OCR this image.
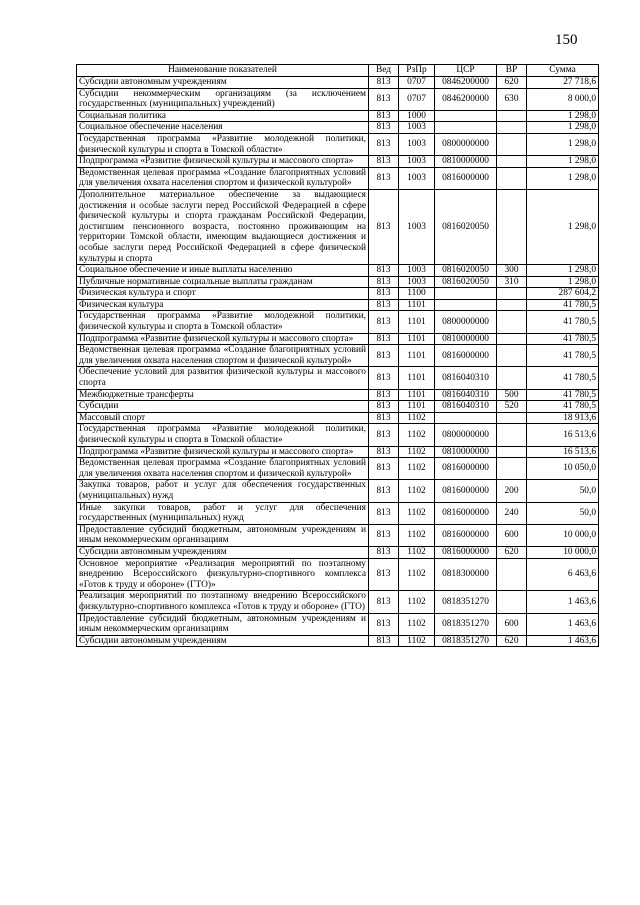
150
Наименование показателей	Вед	РзПр	ЦСР	ВР	Сумма
Субсидии автономным учреждениям	813	0707	0846200000	620	27 718,6
Субсидии некоммерческим организациям (за исключением государственных (муниципальных) учреждений)	813	0707	0846200000	630	8 000,0
Социальная политика	813	1000			1 298,0
Социальное обеспечение населения	813	1003			1 298,0
Государственная программа «Развитие молодежной политики, физической культуры и спорта в Томской области»	813	1003	0800000000		1 298,0
Подпрограмма «Развитие физической культуры и массового спорта»	813	1003	0810000000		1 298,0
Ведомственная целевая программа «Создание благоприятных условий для увеличения охвата населения спортом и физической культурой»	813	1003	0816000000		1 298,0
Дополнительное материальное обеспечение за выдающиеся достижения и особые заслуги перед Российской Федерацией в сфере физической культуры и спорта гражданам Российской Федерации, достигшим пенсионного возраста, постоянно проживающим на территории Томской области, имеющим выдающиеся достижения и особые заслуги перед Российской Федерацией в сфере физической культуры и спорта	813	1003	0816020050		1 298,0
Социальное обеспечение и иные выплаты населению	813	1003	0816020050	300	1 298,0
Публичные нормативные социальные выплаты гражданам	813	1003	0816020050	310	1 298,0
Физическая культура и спорт	813	1100			287 604,2
Физическая культура	813	1101			41 780,5
Государственная программа «Развитие молодежной политики, физической культуры и спорта в Томской области»	813	1101	0800000000		41 780,5
Подпрограмма «Развитие физической культуры и массового спорта»	813	1101	0810000000		41 780,5
Ведомственная целевая программа «Создание благоприятных условий для увеличения охвата населения спортом и физической культурой»	813	1101	0816000000		41 780,5
Обеспечение условий для развития физической культуры и массового спорта	813	1101	0816040310		41 780,5
Межбюджетные трансферты	813	1101	0816040310	500	41 780,5
Субсидии	813	1101	0816040310	520	41 780,5
Массовый спорт	813	1102			18 913,6
Государственная программа «Развитие молодежной политики, физической культуры и спорта в Томской области»	813	1102	0800000000		16 513,6
Подпрограмма «Развитие физической культуры и массового спорта»	813	1102	0810000000		16 513,6
Ведомственная целевая программа «Создание благоприятных условий для увеличения охвата населения спортом и физической культурой»	813	1102	0816000000		10 050,0
Закупка товаров, работ и услуг для обеспечения государственных (муниципальных) нужд	813	1102	0816000000	200	50,0
Иные закупки товаров, работ и услуг для обеспечения государственных (муниципальных) нужд	813	1102	0816000000	240	50,0
Предоставление субсидий бюджетным, автономным учреждениям и иным некоммерческим организациям	813	1102	0816000000	600	10 000,0
Субсидии автономным учреждениям	813	1102	0816000000	620	10 000,0
Основное мероприятие «Реализация мероприятий по поэтапному внедрению Всероссийского физкультурно-спортивного комплекса «Готов к труду и обороне» (ГТО)»	813	1102	0818300000		6 463,6
Реализация мероприятий по поэтапному внедрению Всероссийского физкультурно-спортивного комплекса «Готов к труду и обороне» (ГТО)	813	1102	0818351270		1 463,6
Предоставление субсидий бюджетным, автономным учреждениям и иным некоммерческим организациям	813	1102	0818351270	600	1 463,6
Субсидии автономным учреждениям	813	1102	0818351270	620	1 463,6
